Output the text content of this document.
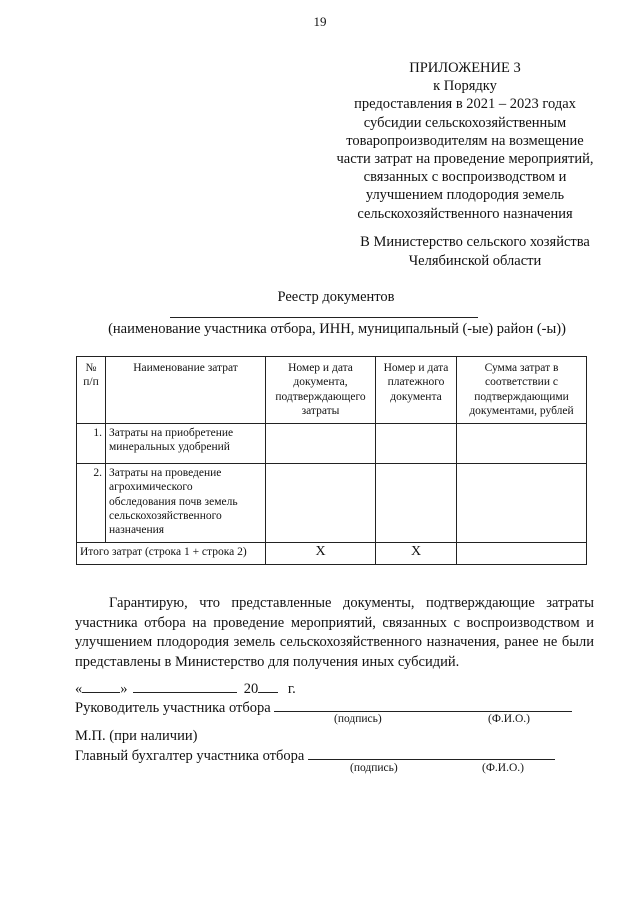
19
ПРИЛОЖЕНИЕ 3
к Порядку
предоставления в 2021 – 2023 годах
субсидии сельскохозяйственным
товаропроизводителям на возмещение
части затрат на проведение мероприятий,
связанных с воспроизводством и
улучшением плодородия земель
сельскохозяйственного назначения
В Министерство сельского хозяйства
Челябинской области
Реестр документов
(наименование участника отбора, ИНН, муниципальный (-ые) район (-ы))
№ п/п	Наименование затрат	Номер и дата документа, подтверждающего затраты	Номер и дата платежного документа	Сумма затрат в соответствии с подтверждающими документами, рублей
1.	Затраты на приобретение минеральных удобрений			
2.	Затраты на проведение агрохимического обследования почв земель сельскохозяйственного назначения			
Итого затрат (строка 1 + строка 2)		X	X	
Гарантирую, что представленные документы, подтверждающие затраты участника отбора на проведение мероприятий, связанных с воспроизводством и улучшением плодородия земель сельскохозяйственного назначения, ранее не были представлены в Министерство для получения иных субсидий.
«	»	20 г.
Руководитель участника отбора
(подпись)	(Ф.И.О.)
М.П. (при наличии)
Главный бухгалтер участника отбора
(подпись)	(Ф.И.О.)
